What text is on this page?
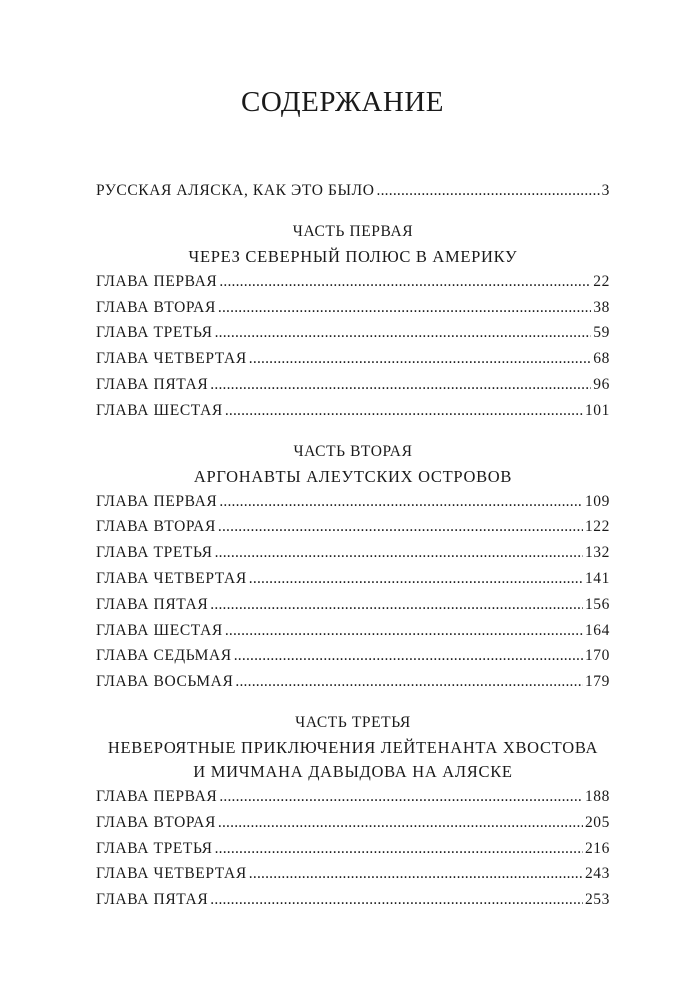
СОДЕРЖАНИЕ
РУССКАЯ АЛЯСКА, КАК ЭТО БЫЛО .....	3
ЧАСТЬ ПЕРВАЯ
ЧЕРЕЗ СЕВЕРНЫЙ ПОЛЮС В АМЕРИКУ
ГЛАВА ПЕРВАЯ .....	22
ГЛАВА ВТОРАЯ .....	38
ГЛАВА ТРЕТЬЯ .....	59
ГЛАВА ЧЕТВЕРТАЯ .....	68
ГЛАВА ПЯТАЯ .....	96
ГЛАВА ШЕСТАЯ .....	101
ЧАСТЬ ВТОРАЯ
АРГОНАВТЫ АЛЕУТСКИХ ОСТРОВОВ
ГЛАВА ПЕРВАЯ .....	109
ГЛАВА ВТОРАЯ .....	122
ГЛАВА ТРЕТЬЯ .....	132
ГЛАВА ЧЕТВЕРТАЯ .....	141
ГЛАВА ПЯТАЯ .....	156
ГЛАВА ШЕСТАЯ .....	164
ГЛАВА СЕДЬМАЯ .....	170
ГЛАВА ВОСЬМАЯ .....	179
ЧАСТЬ ТРЕТЬЯ
НЕВЕРОЯТНЫЕ ПРИКЛЮЧЕНИЯ ЛЕЙТЕНАНТА ХВОСТОВА
И МИЧМАНА ДАВЫДОВА НА АЛЯСКЕ
ГЛАВА ПЕРВАЯ .....	188
ГЛАВА ВТОРАЯ .....	205
ГЛАВА ТРЕТЬЯ .....	216
ГЛАВА ЧЕТВЕРТАЯ .....	243
ГЛАВА ПЯТАЯ .....	253
